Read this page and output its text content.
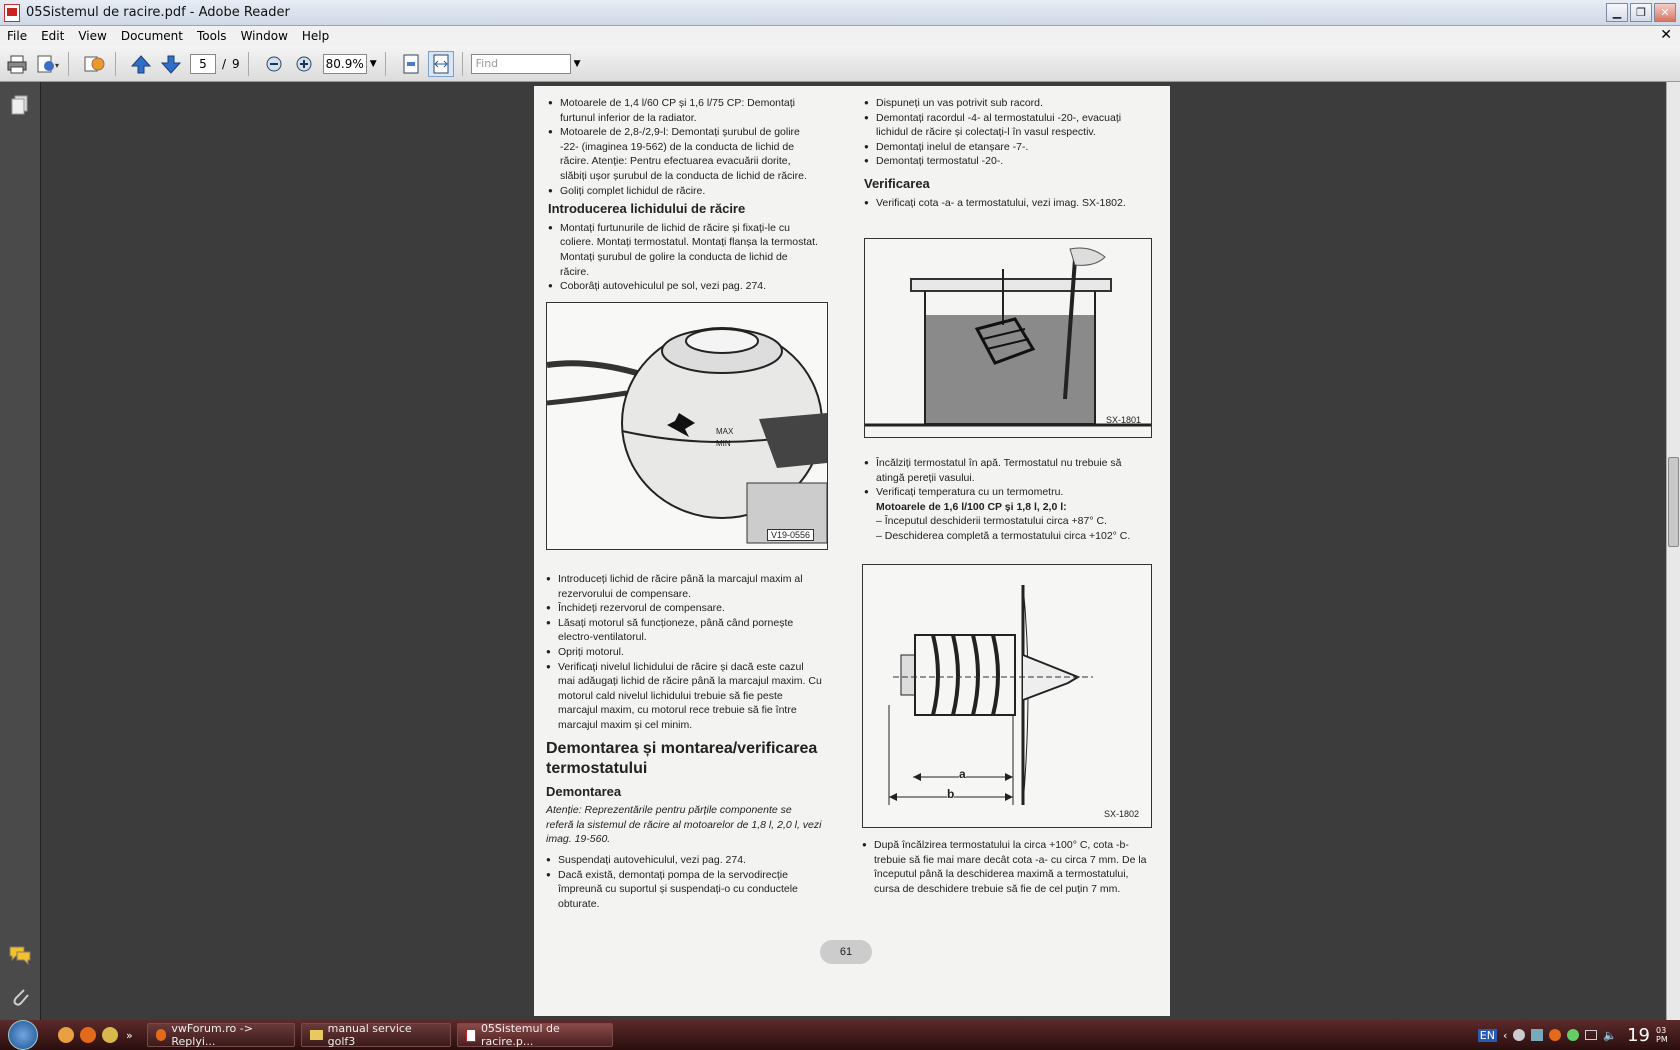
05Sistemul de racire.pdf - Adobe Reader	▁	❐	✕
File	Edit	View	Document	Tools	Window	Help	✕
▾	5	/ 9	80.9% ▼	Find	▼
● Motoarele de 1,4 l/60 CP și 1,6 l/75 CP: Demontați furtunul inferior de la radiator.
● Motoarele de 2,8-/2,9-l: Demontați șurubul de golire -22- (imaginea 19-562) de la conducta de lichid de răcire. Atenție: Pentru efectuarea evacuării dorite, slăbiți ușor șurubul de la conducta de lichid de răcire.
● Goliți complet lichidul de răcire.
Introducerea lichidului de răcire
● Montați furtunurile de lichid de răcire și fixați-le cu coliere. Montați termostatul. Montați flanșa la termostat. Montați șurubul de golire la conducta de lichid de răcire.
● Coborâți autovehiculul pe sol, vezi pag. 274.
MAX
MIN
V19-0556
● Introduceți lichid de răcire până la marcajul maxim al rezervorului de compensare.
● Închideți rezervorul de compensare.
● Lăsați motorul să funcționeze, până când pornește electro-ventilatorul.
● Opriți motorul.
● Verificați nivelul lichidului de răcire și dacă este cazul mai adăugați lichid de răcire până la marcajul maxim. Cu motorul cald nivelul lichidului trebuie să fie peste marcajul maxim, cu motorul rece trebuie să fie între marcajul maxim și cel minim.
Demontarea și montarea/verificarea termostatului
Demontarea

Atenție: Reprezentările pentru părțile componente se referă la sistemul de răcire al motoarelor de 1,8 l, 2,0 l, vezi imag. 19-560.

● Suspendați autovehiculul, vezi pag. 274.
● Dacă există, demontați pompa de la servodirecție împreună cu suportul și suspendați-o cu conductele obturate.
● Dispuneți un vas potrivit sub racord.
● Demontați racordul -4- al termostatului -20-, evacuați lichidul de răcire și colectați-l în vasul respectiv.
● Demontați inelul de etanșare -7-.
● Demontați termostatul -20-.
Verificarea
● Verificați cota -a- a termostatului, vezi imag. SX-1802.
SX-1801
● Încălziți termostatul în apă. Termostatul nu trebuie să atingă pereții vasului.
● Verificați temperatura cu un termometru.

Motoarele de 1,6 l/100 CP și 1,8 l, 2,0 l:

– Începutul deschiderii termostatului circa +87° C.

– Deschiderea completă a termostatului circa +102° C.

a
b
SX-1802
● După încălzirea termostatului la circa +100° C, cota -b- trebuie să fie mai mare decât cota -a- cu circa 7 mm. De la începutul până la deschiderea maximă a termostatului, cursa de deschidere trebuie să fie de cel puțin 7 mm.
61
»	vwForum.ro -> Replyi...
manual service golf3
05Sistemul de racire.p...	EN ‹	🔈 19 03 PM
